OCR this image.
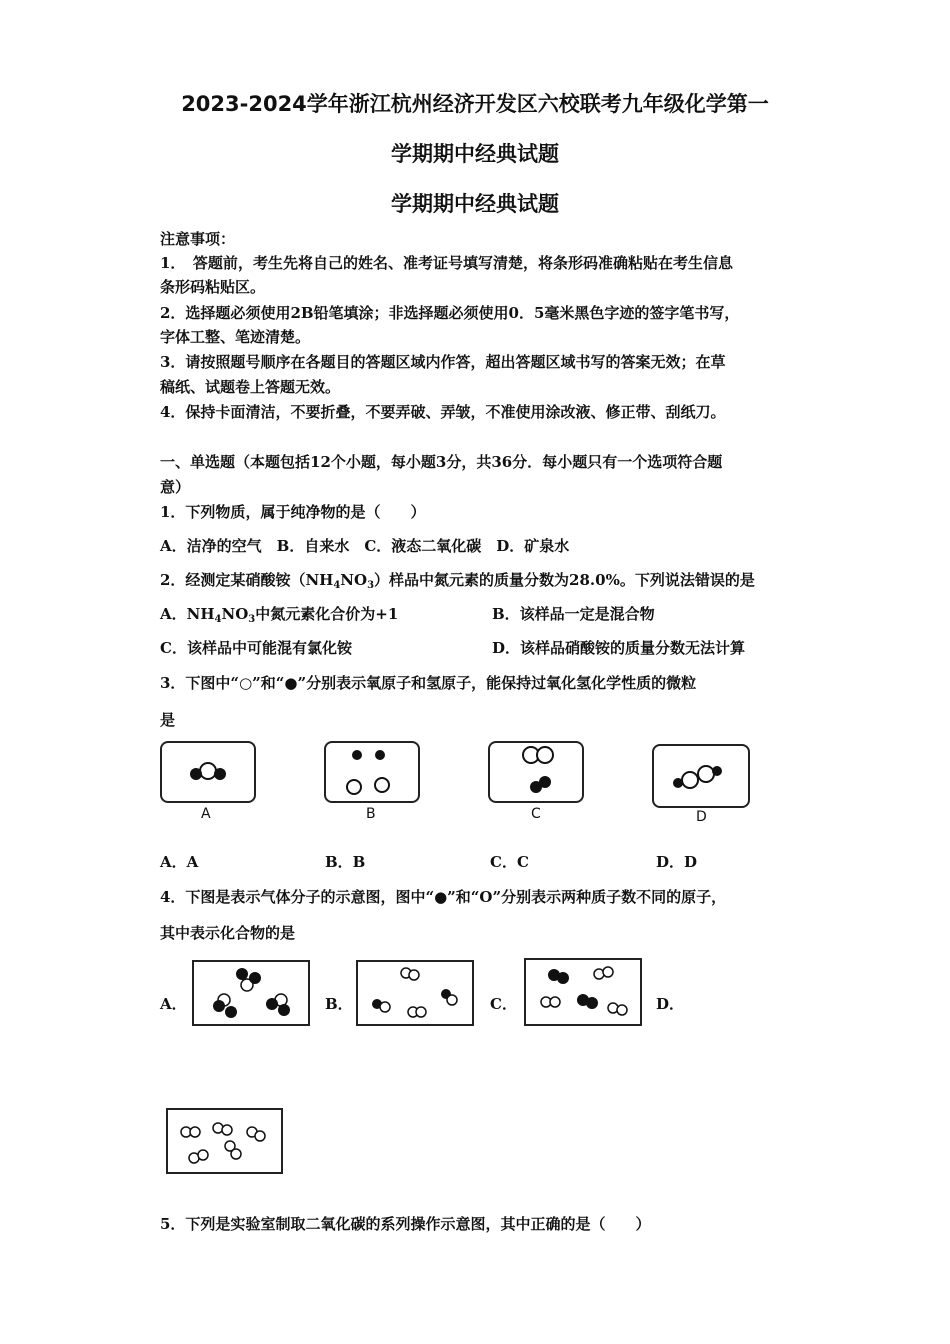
2023-2024学年浙江杭州经济开发区六校联考九年级化学第一
学期期中经典试题
学期期中经典试题
注意事项：
1．　答题前，考生先将自己的姓名、准考证号填写清楚，将条形码准确粘贴在考生信息
条形码粘贴区。
2．选择题必须使用2B铅笔填涂；非选择题必须使用0．5毫米黑色字迹的签字笔书写，
字体工整、笔迹清楚。
3．请按照题号顺序在各题目的答题区域内作答，超出答题区域书写的答案无效；在草
稿纸、试题卷上答题无效。
4．保持卡面清洁，不要折叠，不要弄破、弄皱，不准使用涂改液、修正带、刮纸刀。
一、单选题（本题包括12个小题，每小题3分，共36分．每小题只有一个选项符合题
意）
1．下列物质，属于纯净物的是（　　）
A．洁净的空气　B．自来水　C．液态二氧化碳　D．矿泉水
2．经测定某硝酸铵$(NH_4NO_3)$样品中氮元素的质量分数为28.0%。下列说法错误的是
A．$NH_4NO_3$中氮元素化合价为+1	B．该样品一定是混合物
C．该样品中可能混有氯化铵	D．该样品硝酸铵的质量分数无法计算
3．下图中“○”和“●”分别表示氧原子和氢原子，能保持过氧化氢化学性质的微粒
是
A	B	C	D
A．A	B．B	C．C	D．D
4．下图是表示气体分子的示意图，图中“●”和“O”分别表示两种质子数不同的原子，
其中表示化合物的是
A．	B．	C．	D．
5．下列是实验室制取二氧化碳的系列操作示意图，其中正确的是（　　）
